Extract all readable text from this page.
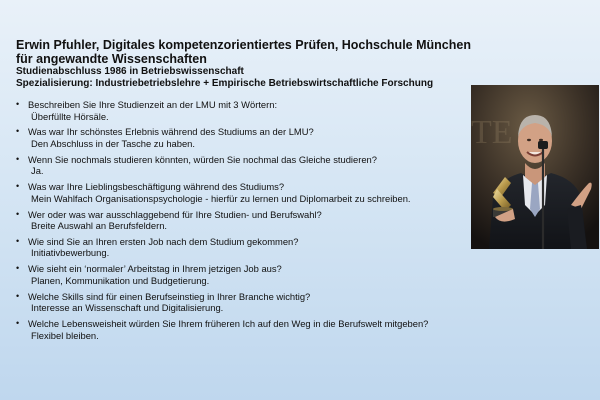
Erwin Pfuhler, Digitales kompetenzorientiertes Prüfen, Hochschule München für angewandte Wissenschaften

Studienabschluss 1986 in Betriebswissenschaft

Spezialisierung: Industriebetriebslehre + Empirische Betriebswirtschaftliche Forschung

• Beschreiben Sie Ihre Studienzeit an der LMU mit 3 Wörtern:
Überfüllte Hörsäle.
• Was war Ihr schönstes Erlebnis während des Studiums an der LMU?
Den Abschluss in der Tasche zu haben.
• Wenn Sie nochmals studieren könnten, würden Sie nochmal das Gleiche studieren?
Ja.
• Was war Ihre Lieblingsbeschäftigung während des Studiums?
Mein Wahlfach Organisationspsychologie - hierfür zu lernen und Diplomarbeit zu schreiben.
• Wer oder was war ausschlaggebend für Ihre Studien- und Berufswahl?
Breite Auswahl an Berufsfeldern.
• Wie sind Sie an Ihren ersten Job nach dem Studium gekommen?
Initiativbewerbung.
• Wie sieht ein ‘normaler’ Arbeitstag in Ihrem jetzigen Job aus?
Planen, Kommunikation und Budgetierung.
• Welche Skills sind für einen Berufseinstieg in Ihrer Branche wichtig?
Interesse an Wissenschaft und Digitalisierung.
• Welche Lebensweisheit würden Sie Ihrem früheren Ich auf den Weg in die Berufswelt mitgeben?
Flexibel bleiben.
TE
